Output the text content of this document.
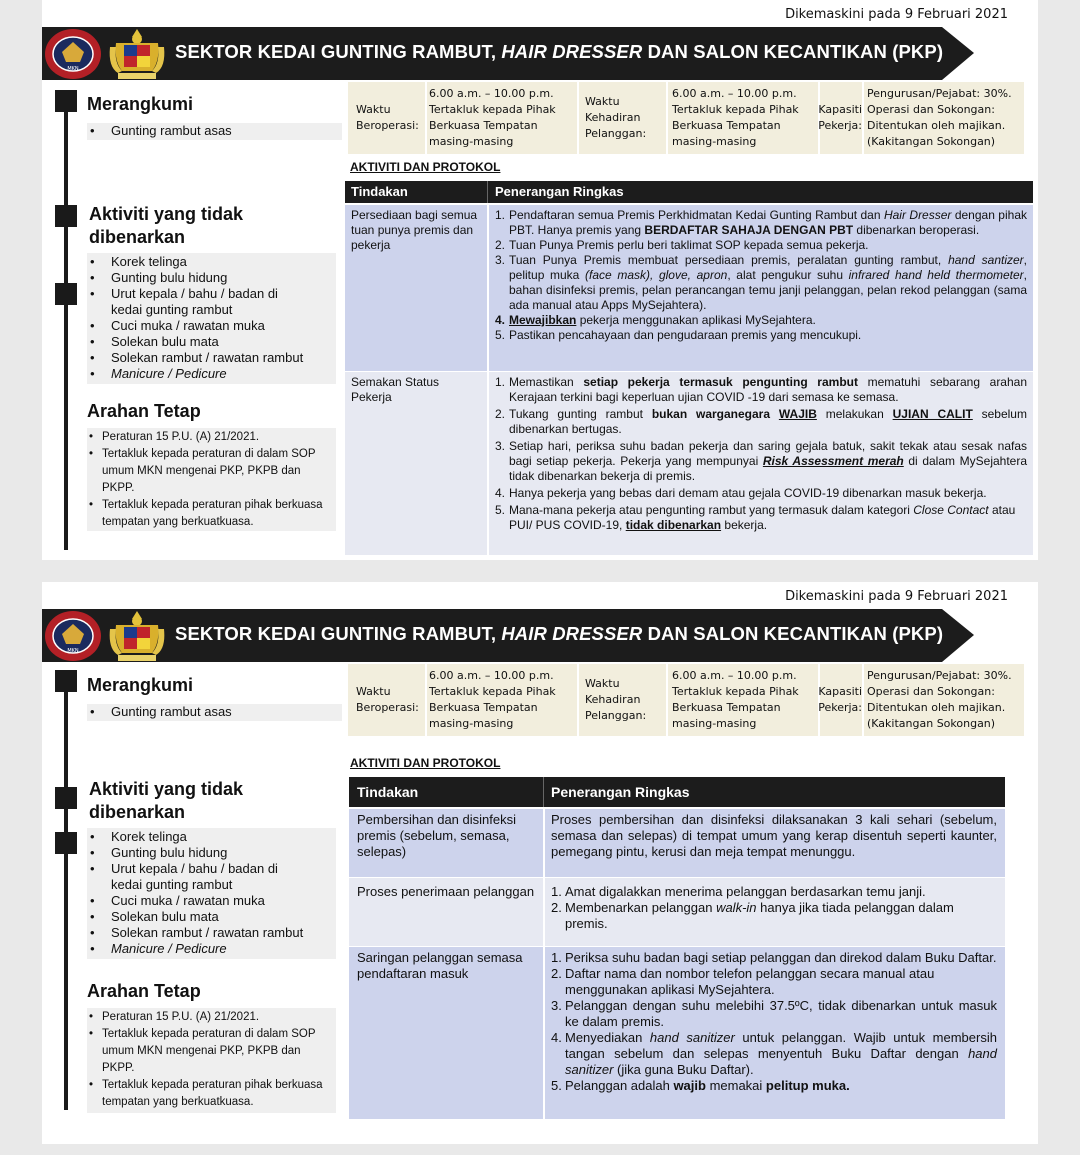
Dikemaskini pada 9 Februari 2021
MKN
SEKTOR KEDAI GUNTING RAMBUT, HAIR DRESSER DAN SALON KECANTIKAN (PKP)
Merangkumi
• Gunting rambut asas
Aktiviti yang tidak dibenarkan
• Korek telinga
• Gunting bulu hidung
• Urut kepala / bahu / badan di kedai gunting rambut
• Cuci muka / rawatan muka
• Solekan bulu mata
• Solekan rambut / rawatan rambut
• Manicure / Pedicure
Arahan Tetap
• Peraturan 15 P.U. (A) 21/2021.
• Tertakluk kepada peraturan di dalam SOP umum MKN mengenai PKP, PKPB dan PKPP.
• Tertakluk kepada peraturan pihak berkuasa tempatan yang berkuatkuasa.
Waktu Beroperasi:
6.00 a.m. – 10.00 p.m. Tertakluk kepada Pihak Berkuasa Tempatan masing-masing
Waktu Kehadiran Pelanggan:
6.00 a.m. – 10.00 p.m. Tertakluk kepada Pihak Berkuasa Tempatan masing-masing
Kapasiti Pekerja:
Pengurusan/Pejabat: 30%. Operasi dan Sokongan: Ditentukan oleh majikan. (Kakitangan Sokongan)
AKTIVITI DAN PROTOKOL
Tindakan	Penerangan Ringkas
Persediaan bagi semua tuan punya premis dan pekerja
1. Pendaftaran semua Premis Perkhidmatan Kedai Gunting Rambut dan Hair Dresser dengan pihak PBT. Hanya premis yang BERDAFTAR SAHAJA DENGAN PBT dibenarkan beroperasi.
2. Tuan Punya Premis perlu beri taklimat SOP kepada semua pekerja.
3. Tuan Punya Premis membuat persediaan premis, peralatan gunting rambut, hand santizer, pelitup muka (face mask), glove, apron, alat pengukur suhu infrared hand held thermometer, bahan disinfeksi premis, pelan perancangan temu janji pelanggan, pelan rekod pelanggan (sama ada manual atau Apps MySejahtera).
4. Mewajibkan pekerja menggunakan aplikasi MySejahtera.
5. Pastikan pencahayaan dan pengudaraan premis yang mencukupi.
Semakan Status Pekerja
1. Memastikan setiap pekerja termasuk pengunting rambut mematuhi sebarang arahan Kerajaan terkini bagi keperluan ujian COVID -19 dari semasa ke semasa.
2. Tukang gunting rambut bukan warganegara WAJIB melakukan UJIAN CALIT sebelum dibenarkan bertugas.
3. Setiap hari, periksa suhu badan pekerja dan saring gejala batuk, sakit tekak atau sesak nafas bagi setiap pekerja. Pekerja yang mempunyai Risk Assessment merah di dalam MySejahtera tidak dibenarkan bekerja di premis.
4. Hanya pekerja yang bebas dari demam atau gejala COVID-19 dibenarkan masuk bekerja.
5. Mana-mana pekerja atau pengunting rambut yang termasuk dalam kategori Close Contact atau PUI/ PUS COVID-19, tidak dibenarkan bekerja.
Dikemaskini pada 9 Februari 2021
MKN
SEKTOR KEDAI GUNTING RAMBUT, HAIR DRESSER DAN SALON KECANTIKAN (PKP)
Merangkumi
• Gunting rambut asas
Aktiviti yang tidak dibenarkan
• Korek telinga
• Gunting bulu hidung
• Urut kepala / bahu / badan di kedai gunting rambut
• Cuci muka / rawatan muka
• Solekan bulu mata
• Solekan rambut / rawatan rambut
• Manicure / Pedicure
Arahan Tetap
• Peraturan 15 P.U. (A) 21/2021.
• Tertakluk kepada peraturan di dalam SOP umum MKN mengenai PKP, PKPB dan PKPP.
• Tertakluk kepada peraturan pihak berkuasa tempatan yang berkuatkuasa.
Waktu Beroperasi:
6.00 a.m. – 10.00 p.m. Tertakluk kepada Pihak Berkuasa Tempatan masing-masing
Waktu Kehadiran Pelanggan:
6.00 a.m. – 10.00 p.m. Tertakluk kepada Pihak Berkuasa Tempatan masing-masing
Kapasiti Pekerja:
Pengurusan/Pejabat: 30%. Operasi dan Sokongan: Ditentukan oleh majikan. (Kakitangan Sokongan)
AKTIVITI DAN PROTOKOL
Tindakan	Penerangan Ringkas
Pembersihan dan disinfeksi premis (sebelum, semasa, selepas)
Proses pembersihan dan disinfeksi dilaksanakan 3 kali sehari (sebelum, semasa dan selepas) di tempat umum yang kerap disentuh seperti kaunter, pemegang pintu, kerusi dan meja tempat menunggu.
Proses penerimaan pelanggan 1. Amat digalakkan menerima pelanggan berdasarkan temu janji.
2. Membenarkan pelanggan walk-in hanya jika tiada pelanggan dalam premis.
Saringan pelanggan semasa pendaftaran masuk
1. Periksa suhu badan bagi setiap pelanggan dan direkod dalam Buku Daftar.
2. Daftar nama dan nombor telefon pelanggan secara manual atau menggunakan aplikasi MySejahtera.
3. Pelanggan dengan suhu melebihi 37.5ºC, tidak dibenarkan untuk masuk ke dalam premis.
4. Menyediakan hand sanitizer untuk pelanggan. Wajib untuk membersih tangan sebelum dan selepas menyentuh Buku Daftar dengan hand sanitizer (jika guna Buku Daftar).
5. Pelanggan adalah wajib memakai pelitup muka.
